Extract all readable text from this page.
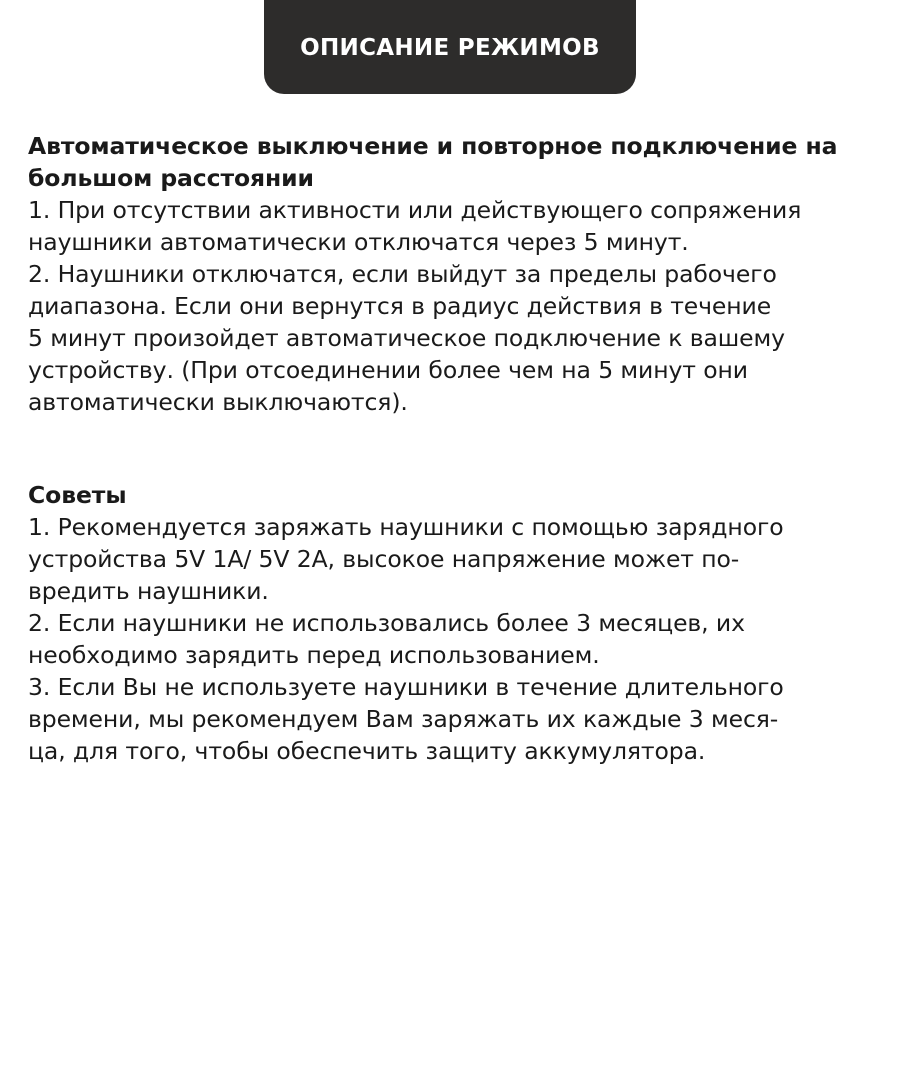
ОПИСАНИЕ РЕЖИМОВ

Автоматическое выключение и повторное подключение на
большом расстоянии

1. При отсутствии активности или действующего сопряжения
наушники автоматически отключатся через 5 минут.

2. Наушники отключатся, если выйдут за пределы рабочего
диапазона. Если они вернутся в радиус действия в течение
5 минут произойдет автоматическое подключение к вашему
устройству. (При отсоединении более чем на 5 минут они
автоматически выключаются).

Советы

1. Рекомендуется заряжать наушники с помощью зарядного
устройства 5V 1A/ 5V 2A, высокое напряжение может по-
вредить наушники.

2. Если наушники не использовались более 3 месяцев, их
необходимо зарядить перед использованием.

3. Если Вы не используете наушники в течение длительного
времени, мы рекомендуем Вам заряжать их каждые 3 меся-
ца, для того, чтобы обеспечить защиту аккумулятора.
